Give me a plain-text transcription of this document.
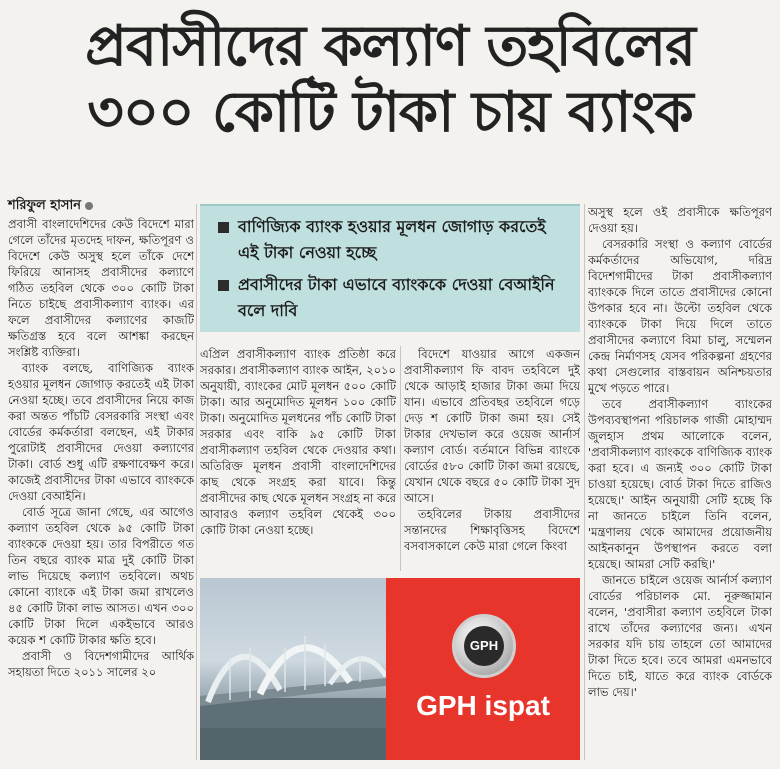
প্রবাসীদের কল্যাণ তহবিলের
৩০০ কোটি টাকা চায় ব্যাংক
শরিফুল হাসান

প্রবাসী বাংলাদেশিদের কেউ বিদেশে মারা গেলে তাঁদের মৃতদেহ দাফন, ক্ষতিপূরণ ও বিদেশে কেউ অসুস্থ হলে তাঁকে দেশে ফিরিয়ে আনাসহ প্রবাসীদের কল্যাণে গঠিত তহবিল থেকে ৩০০ কোটি টাকা নিতে চাইছে প্রবাসীকল্যাণ ব্যাংক। এর ফলে প্রবাসীদের কল্যাণের কাজটি ক্ষতিগ্রস্ত হবে বলে আশঙ্কা করছেন সংশ্লিষ্ট ব্যক্তিরা।

ব্যাংক বলছে, বাণিজ্যিক ব্যাংক হওয়ার মূলধন জোগাড় করতেই এই টাকা নেওয়া হচ্ছে। তবে প্রবাসীদের নিয়ে কাজ করা অন্তত পাঁচটি বেসরকারি সংস্থা এবং বোর্ডের কর্মকর্তারা বলছেন, এই টাকার পুরোটাই প্রবাসীদের দেওয়া কল্যাণের টাকা। বোর্ড শুধু এটি রক্ষণাবেক্ষণ করে। কাজেই প্রবাসীদের টাকা এভাবে ব্যাংককে দেওয়া বেআইনি।

বোর্ড সূত্রে জানা গেছে, এর আগেও কল্যাণ তহবিল থেকে ৯৫ কোটি টাকা ব্যাংককে দেওয়া হয়। তার বিপরীতে গত তিন বছরে ব্যাংক মাত্র দুই কোটি টাকা লাভ দিয়েছে কল্যাণ তহবিলে। অথচ কোনো ব্যাংকে এই টাকা জমা রাখলেও ৪৫ কোটি টাকা লাভ আসত। এখন ৩০০ কোটি টাকা দিলে একইভাবে আরও কয়েক শ কোটি টাকার ক্ষতি হবে।

প্রবাসী ও বিদেশগামীদের আর্থিক সহায়তা দিতে ২০১১ সালের ২০

বাণিজ্যিক ব্যাংক হওয়ার মূলধন জোগাড় করতেই এই টাকা নেওয়া হচ্ছে
প্রবাসীদের টাকা এভাবে ব্যাংককে দেওয়া বেআইনি বলে দাবি

এপ্রিল প্রবাসীকল্যাণ ব্যাংক প্রতিষ্ঠা করে সরকার। প্রবাসীকল্যাণ ব্যাংক আইন, ২০১০ অনুযায়ী, ব্যাংকের মোট মূলধন ৫০০ কোটি টাকা। আর অনুমোদিত মূলধন ১০০ কোটি টাকা। অনুমোদিত মূলধনের পাঁচ কোটি টাকা সরকার এবং বাকি ৯৫ কোটি টাকা প্রবাসীকল্যাণ তহবিল থেকে দেওয়ার কথা। অতিরিক্ত মূলধন প্রবাসী বাংলাদেশিদের কাছ থেকে সংগ্রহ করা যাবে। কিন্তু প্রবাসীদের কাছ থেকে মূলধন সংগ্রহ না করে আবারও কল্যাণ তহবিল থেকেই ৩০০ কোটি টাকা নেওয়া হচ্ছে।

বিদেশে যাওয়ার আগে একজন প্রবাসীকল্যাণ ফি বাবদ তহবিলে দুই থেকে আড়াই হাজার টাকা জমা দিয়ে যান। এভাবে প্রতিবছর তহবিলে গড়ে দেড় শ কোটি টাকা জমা হয়। সেই টাকার দেখভাল করে ওয়েজ আর্নার্স কল্যাণ বোর্ড। বর্তমানে বিভিন্ন ব্যাংকে বোর্ডের ৫৮০ কোটি টাকা জমা রয়েছে, যেখান থেকে বছরে ৫০ কোটি টাকা সুদ আসে।

তহবিলের টাকায় প্রবাসীদের সন্তানদের শিক্ষাবৃত্তিসহ বিদেশে বসবাসকালে কেউ মারা গেলে কিংবা

অসুস্থ হলে ওই প্রবাসীকে ক্ষতিপূরণ দেওয়া হয়।

বেসরকারি সংস্থা ও কল্যাণ বোর্ডের কর্মকর্তাদের অভিযোগ, দরিদ্র বিদেশগামীদের টাকা প্রবাসীকল্যাণ ব্যাংককে দিলে তাতে প্রবাসীদের কোনো উপকার হবে না। উল্টো তহবিল থেকে ব্যাংককে টাকা দিয়ে দিলে তাতে প্রবাসীদের কল্যাণে বিমা চালু, সম্মেলন কেন্দ্র নির্মাণসহ যেসব পরিকল্পনা গ্রহণের কথা সেগুলোর বাস্তবায়ন অনিশ্চয়তার মুখে পড়তে পারে।

তবে প্রবাসীকল্যাণ ব্যাংকের উপব্যবস্থাপনা পরিচালক গাজী মোহাম্মদ জুলহাস প্রথম আলোকে বলেন, 'প্রবাসীকল্যাণ ব্যাংককে বাণিজ্যিক ব্যাংক করা হবে। এ জন্যই ৩০০ কোটি টাকা চাওয়া হয়েছে। বোর্ড টাকা দিতে রাজিও হয়েছে।' আইন অনুযায়ী সেটি হচ্ছে কি না জানতে চাইলে তিনি বলেন, 'মন্ত্রণালয় থেকে আমাদের প্রয়োজনীয় আইনকানুন উপস্থাপন করতে বলা হয়েছে। আমরা সেটি করছি।'

জানতে চাইলে ওয়েজ আর্নার্স কল্যাণ বোর্ডের পরিচালক মো. নূরুজ্জামান বলেন, 'প্রবাসীরা কল্যাণ তহবিলে টাকা রাখে তাঁদের কল্যাণের জন্য। এখন সরকার যদি চায় তাহলে তো আমাদের টাকা দিতে হবে। তবে আমরা এমনভাবে দিতে চাই, যাতে করে ব্যাংক বোর্ডকে লাভ দেয়।'

GPH
GPH ispat
